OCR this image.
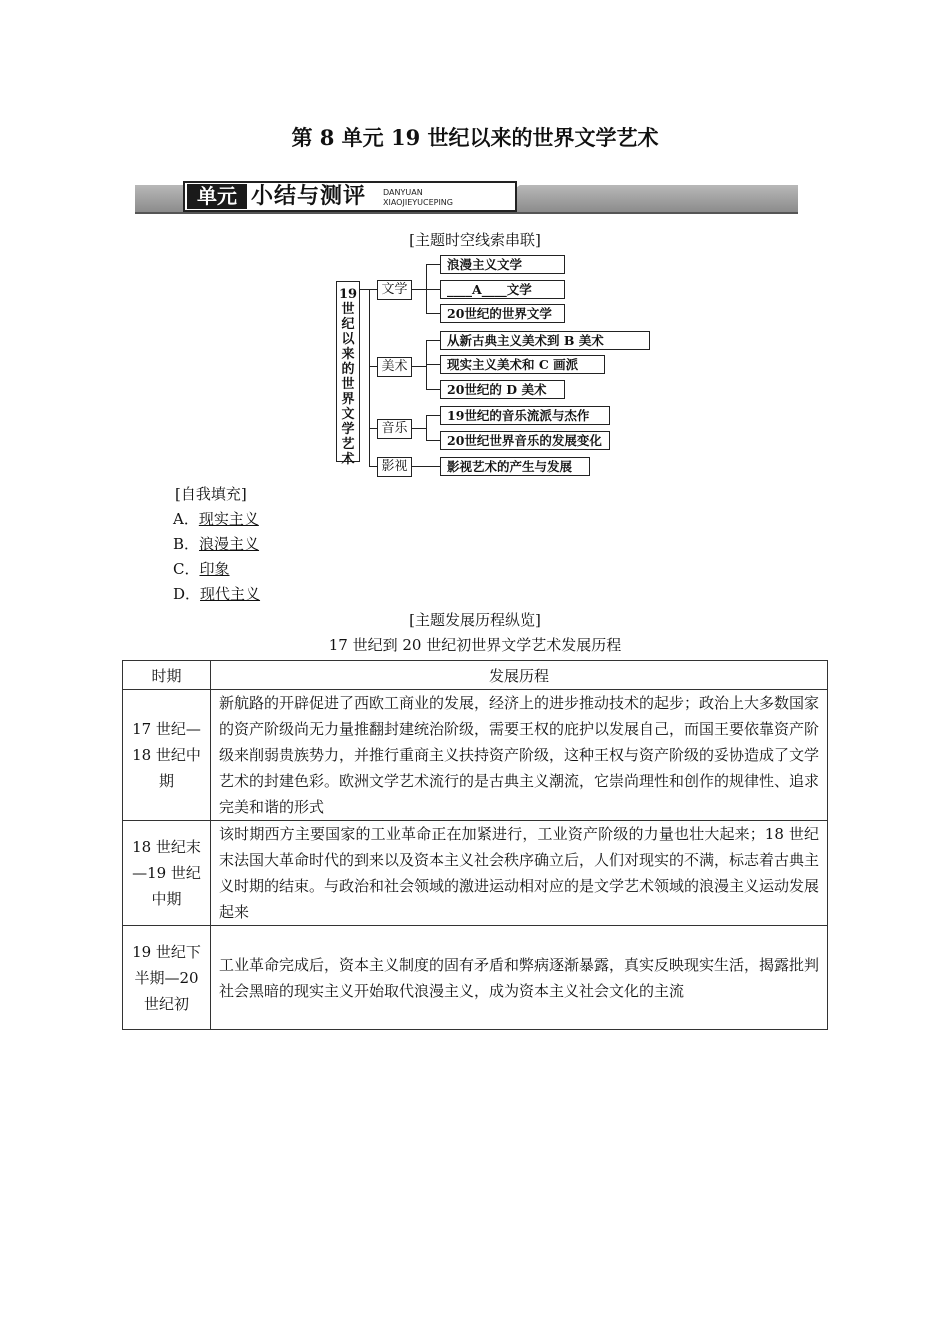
第 8 单元 19 世纪以来的世界文学艺术
单元 小结与测评 DANYUAN
XIAOJIEYUCEPING
[主题时空线索串联]
19世纪以来的世界文学艺术
文学
美术
音乐
影视
浪漫主义文学
____A____文学
20世纪的世界文学
从新古典主义美术到 B 美术
现实主义美术和 C 画派
20世纪的 D 美术
19世纪的音乐流派与杰作
20世纪世界音乐的发展变化
影视艺术的产生与发展
[自我填充]
A．现实主义
B．浪漫主义
C．印象
D．现代主义
[主题发展历程纵览]
17 世纪到 20 世纪初世界文学艺术发展历程
时期	发展历程
17 世纪—18 世纪中期	新航路的开辟促进了西欧工商业的发展，经济上的进步推动技术的起步；政治上大多数国家的资产阶级尚无力量推翻封建统治阶级，需要王权的庇护以发展自己，而国王要依靠资产阶级来削弱贵族势力，并推行重商主义扶持资产阶级，这种王权与资产阶级的妥协造成了文学艺术的封建色彩。欧洲文学艺术流行的是古典主义潮流，它崇尚理性和创作的规律性、追求完美和谐的形式
18 世纪末—19 世纪中期	该时期西方主要国家的工业革命正在加紧进行，工业资产阶级的力量也壮大起来；18 世纪末法国大革命时代的到来以及资本主义社会秩序确立后，人们对现实的不满，标志着古典主义时期的结束。与政治和社会领域的激进运动相对应的是文学艺术领域的浪漫主义运动发展起来
19 世纪下半期—20 世纪初	工业革命完成后，资本主义制度的固有矛盾和弊病逐渐暴露，真实反映现实生活，揭露批判社会黑暗的现实主义开始取代浪漫主义，成为资本主义社会文化的主流
